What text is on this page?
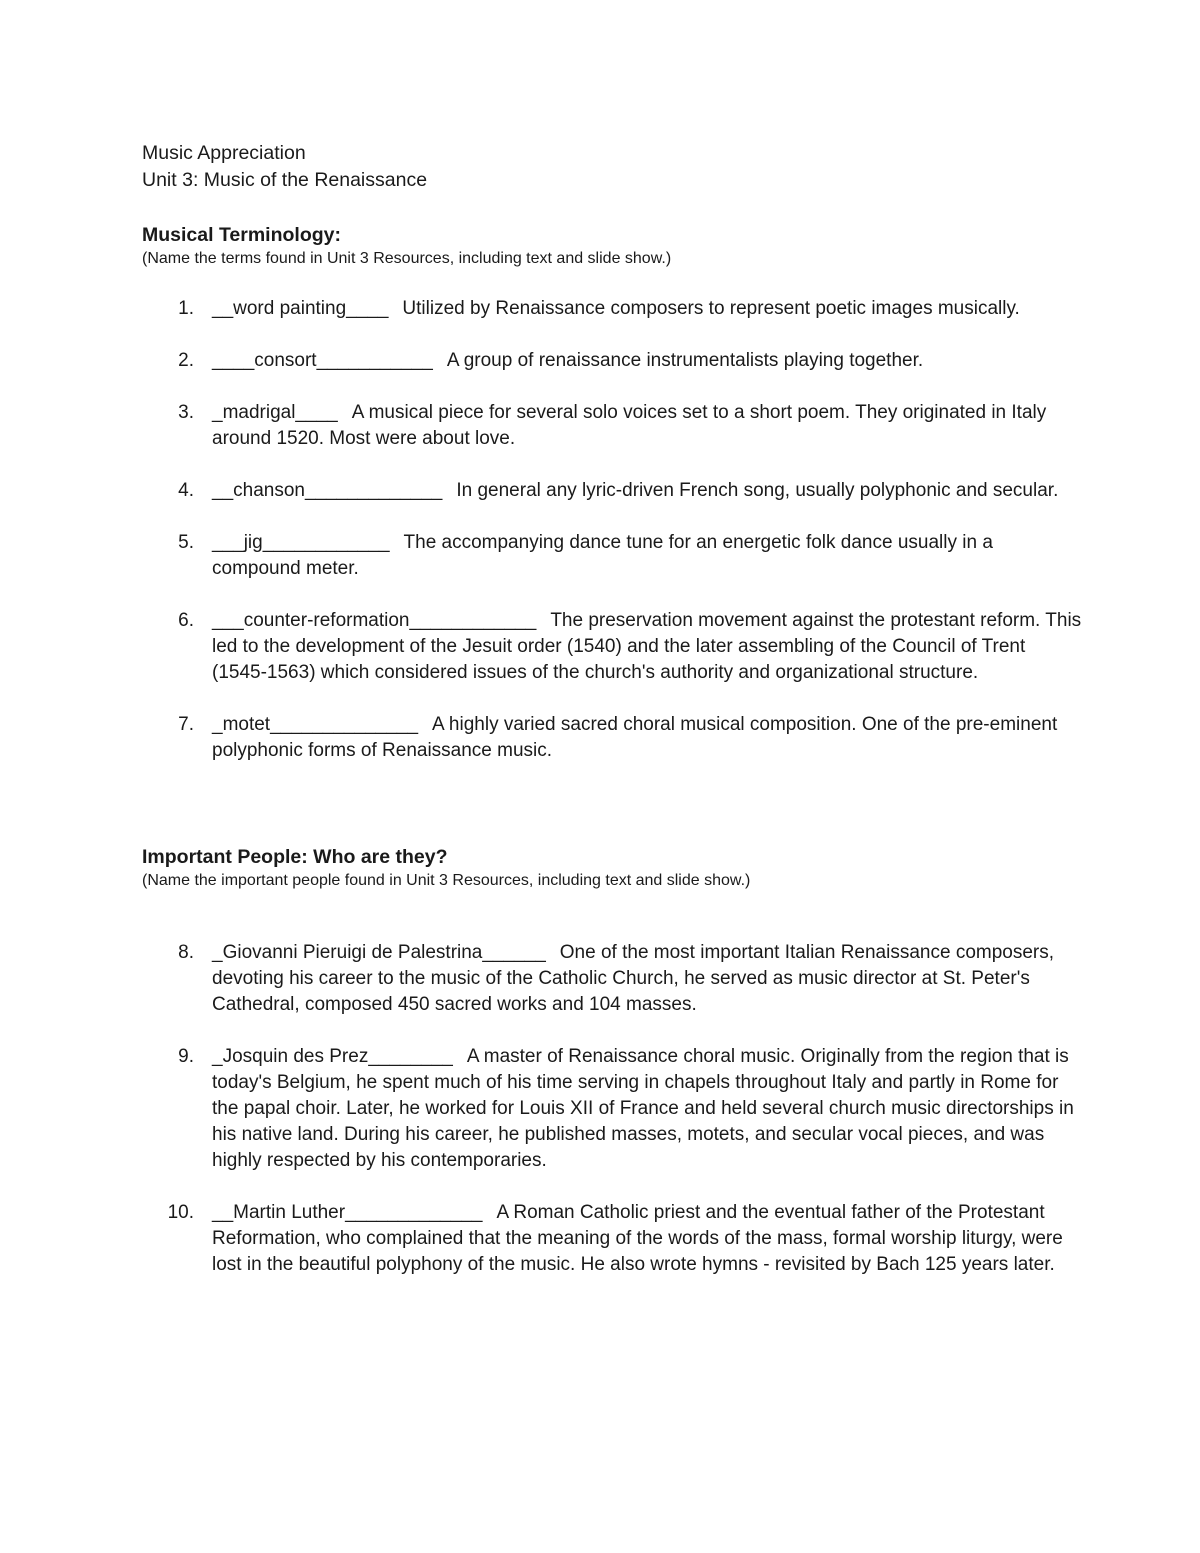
Music Appreciation

Unit 3: Music of the Renaissance

Musical Terminology:

(Name the terms found in Unit 3 Resources, including text and slide show.)

1. __word painting____ Utilized by Renaissance composers to represent poetic images musically.
2. ____consort___________ A group of renaissance instrumentalists playing together.
3. _madrigal____ A musical piece for several solo voices set to a short poem. They originated in Italy around 1520. Most were about love.
4. __chanson_____________ In general any lyric-driven French song, usually polyphonic and secular.
5. ___jig____________ The accompanying dance tune for an energetic folk dance usually in a compound meter.
6. ___counter-reformation____________ The preservation movement against the protestant reform. This led to the development of the Jesuit order (1540) and the later assembling of the Council of Trent (1545-1563) which considered issues of the church's authority and organizational structure.
7. _motet______________ A highly varied sacred choral musical composition. One of the pre-eminent polyphonic forms of Renaissance music.

Important People: Who are they?

(Name the important people found in Unit 3 Resources, including text and slide show.)

8. _Giovanni Pieruigi de Palestrina______ One of the most important Italian Renaissance composers, devoting his career to the music of the Catholic Church, he served as music director at St. Peter's Cathedral, composed 450 sacred works and 104 masses.
9. _Josquin des Prez________ A master of Renaissance choral music. Originally from the region that is today's Belgium, he spent much of his time serving in chapels throughout Italy and partly in Rome for the papal choir. Later, he worked for Louis XII of France and held several church music directorships in his native land. During his career, he published masses, motets, and secular vocal pieces, and was highly respected by his contemporaries.
10. __Martin Luther_____________ A Roman Catholic priest and the eventual father of the Protestant Reformation, who complained that the meaning of the words of the mass, formal worship liturgy, were lost in the beautiful polyphony of the music. He also wrote hymns - revisited by Bach 125 years later.
